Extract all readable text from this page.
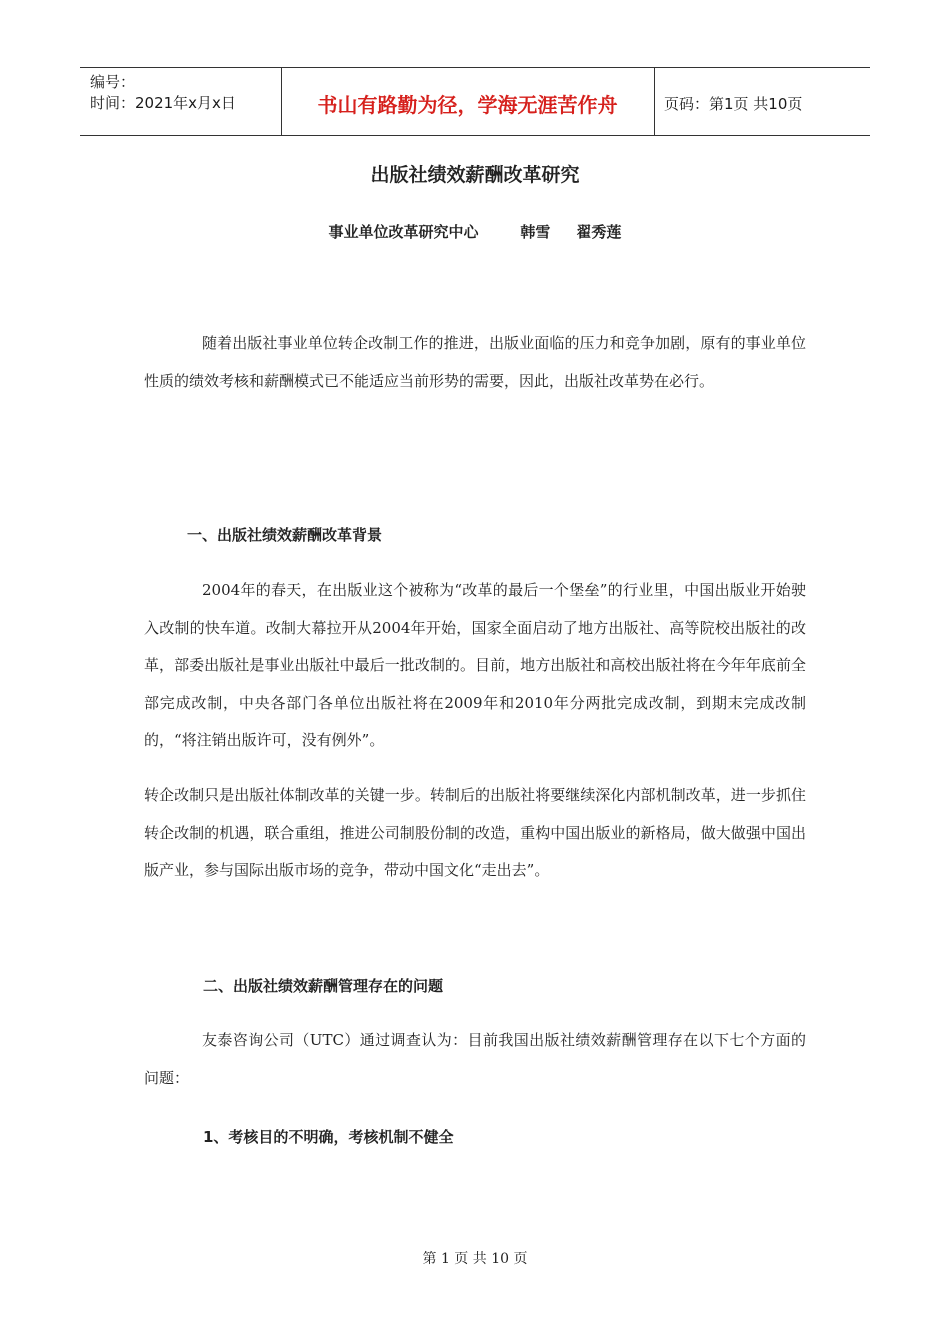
编号：
时间：2021年x月x日	书山有路勤为径，学海无涯苦作舟	页码：第1页 共10页
出版社绩效薪酬改革研究
事业单位改革研究中心        韩雪     翟秀莲
随着出版社事业单位转企改制工作的推进，出版业面临的压力和竞争加剧，原有的事业单位性质的绩效考核和薪酬模式已不能适应当前形势的需要，因此，出版社改革势在必行。
一、出版社绩效薪酬改革背景
2004年的春天，在出版业这个被称为“改革的最后一个堡垒”的行业里，中国出版业开始驶入改制的快车道。改制大幕拉开从2004年开始，国家全面启动了地方出版社、高等院校出版社的改革，部委出版社是事业出版社中最后一批改制的。目前，地方出版社和高校出版社将在今年年底前全部完成改制，中央各部门各单位出版社将在2009年和2010年分两批完成改制，到期末完成改制的，“将注销出版许可，没有例外”。
转企改制只是出版社体制改革的关键一步。转制后的出版社将要继续深化内部机制改革，进一步抓住转企改制的机遇，联合重组，推进公司制股份制的改造，重构中国出版业的新格局，做大做强中国出版产业，参与国际出版市场的竞争，带动中国文化“走出去”。
二、出版社绩效薪酬管理存在的问题
友泰咨询公司（UTC）通过调查认为：目前我国出版社绩效薪酬管理存在以下七个方面的问题：
1、考核目的不明确，考核机制不健全
第 1 页 共 10 页
